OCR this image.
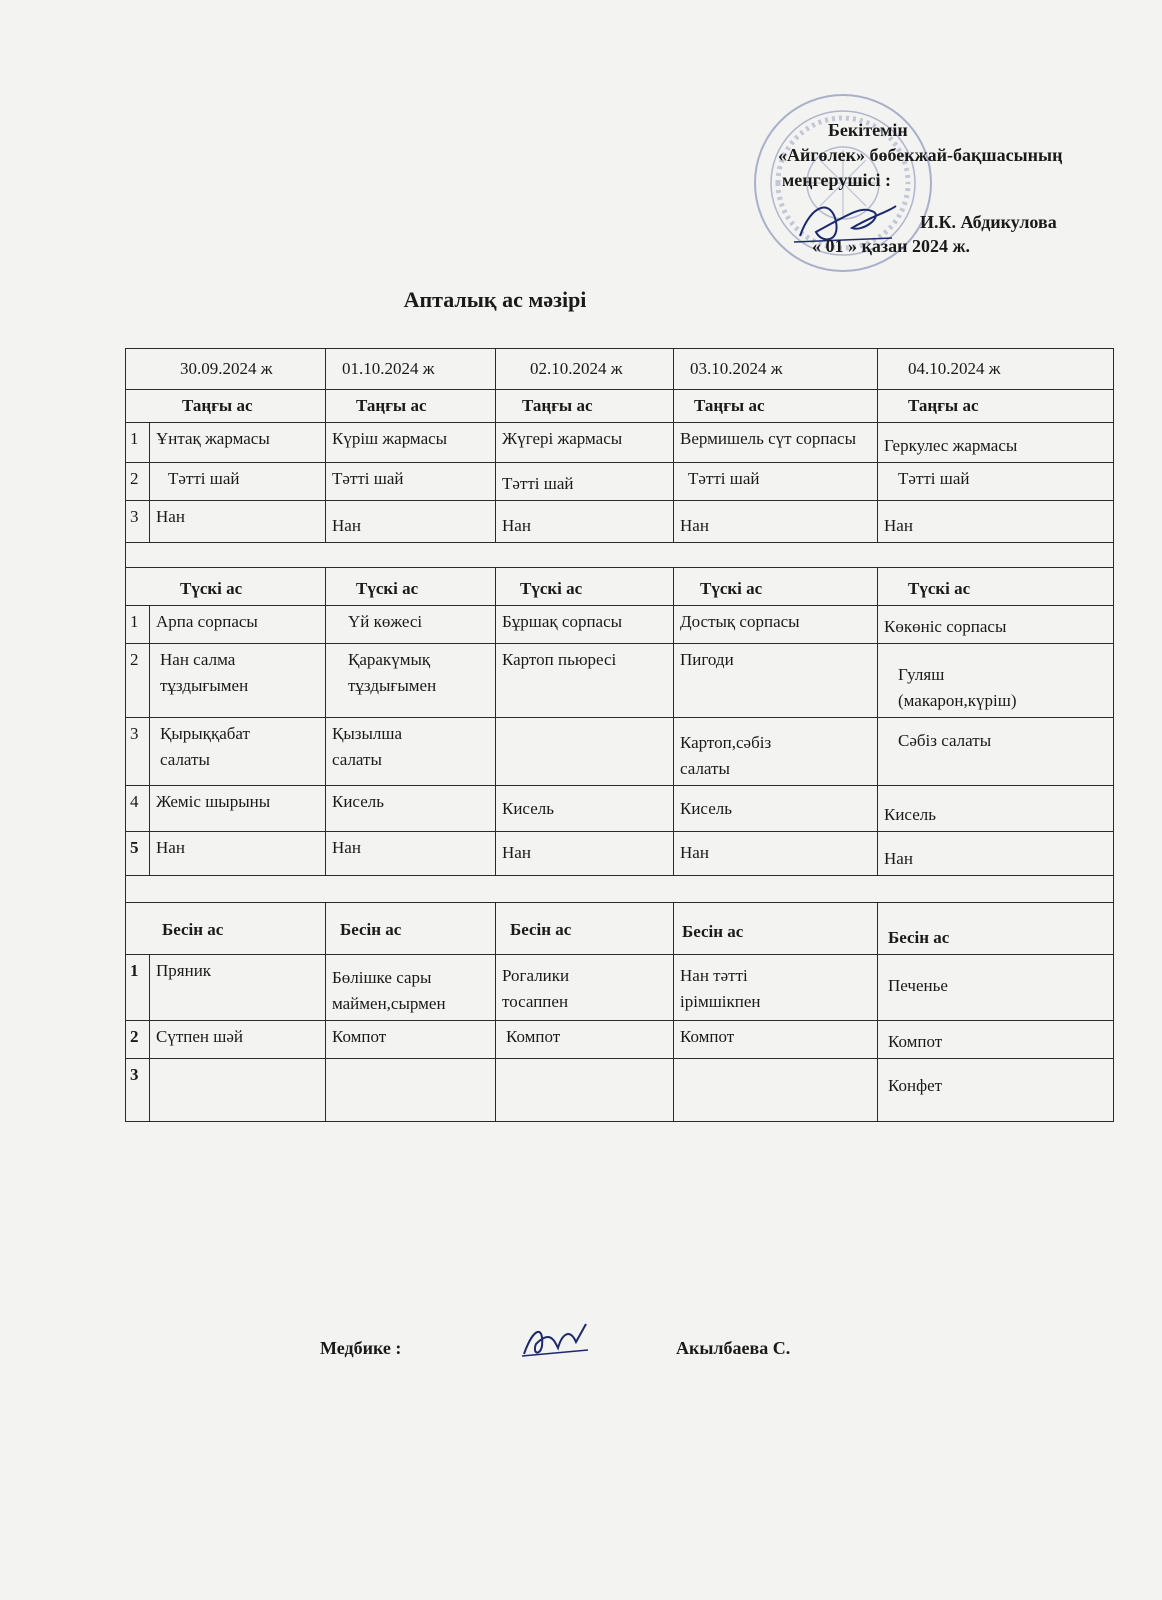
Бекітемін
«Айгөлек» бөбекжай-бақшасының
меңгерушісі :
И.К. Абдикулова
« 01 » қазан 2024 ж.
Апталық ас мәзірі
30.09.2024 ж		01.10.2024 ж	02.10.2024 ж	03.10.2024 ж	04.10.2024 ж
Таңғы ас		Таңғы ас	Таңғы ас	Таңғы ас	Таңғы ас
1	Ұнтақ жармасы	Күріш жармасы	Жүгері жармасы	Вермишель сүт сорпасы	Геркулес жармасы
2	Тәтті шай	Тәтті шай	Тәтті шай	Тәтті шай	Тәтті шай
3	Нан	Нан	Нан	Нан	Нан

Түскі ас		Түскі ас	Түскі ас	Түскі ас	Түскі ас
1	Арпа сорпасы	Үй көжесі	Бұршақ сорпасы	Достық сорпасы	Көкөніс сорпасы
2	Нан салма тұздығымен	Қаракүмық тұздығымен	Картоп пьюресі	Пигоди	Гуляш (макарон,күріш)
3	Қырыққабат салаты	Қызылша салаты		Картоп,сәбіз салаты	Сәбіз салаты
4	Жеміс шырыны	Кисель	Кисель	Кисель	Кисель
5	Нан	Нан	Нан	Нан	Нан

Бесін ас		Бесін ас	Бесін ас	Бесін ас	Бесін ас
1	Пряник	Бөлішке сары маймен,сырмен	Рогалики тосаппен	Нан тәтті ірімшікпен	Печенье
2	Сүтпен шәй	Компот	Компот	Компот	Компот
3					Конфет
Медбике :	Акылбаева С.
